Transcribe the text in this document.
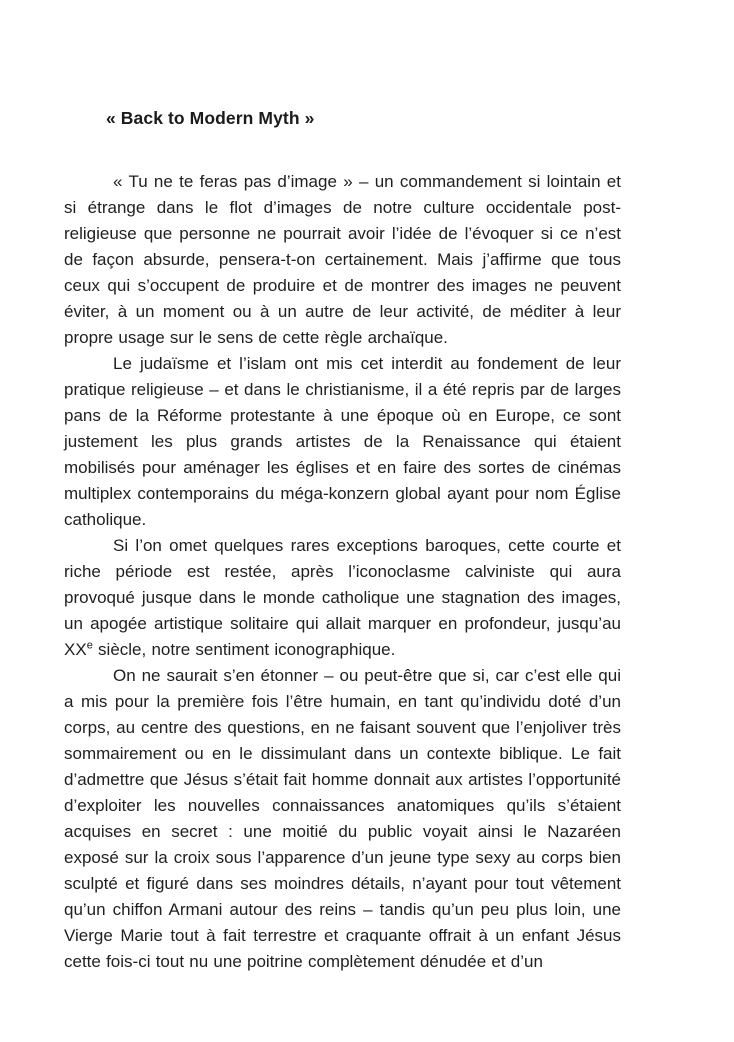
« Back to Modern Myth »

« Tu ne te feras pas d’image » – un commandement si lointain et si étrange dans le flot d’images de notre culture occidentale post-religieuse que personne ne pourrait avoir l’idée de l’évoquer si ce n’est de façon absurde, pensera-t-on certainement. Mais j’affirme que tous ceux qui s’occupent de produire et de montrer des images ne peuvent éviter, à un moment ou à un autre de leur activité, de méditer à leur propre usage sur le sens de cette règle archaïque.

Le judaïsme et l’islam ont mis cet interdit au fondement de leur pratique religieuse – et dans le christianisme, il a été repris par de larges pans de la Réforme protestante à une époque où en Europe, ce sont justement les plus grands artistes de la Renaissance qui étaient mobilisés pour aménager les églises et en faire des sortes de cinémas multiplex contemporains du méga-konzern global ayant pour nom Église catholique.

Si l’on omet quelques rares exceptions baroques, cette courte et riche période est restée, après l’iconoclasme calviniste qui aura provoqué jusque dans le monde catholique une stagnation des images, un apogée artistique solitaire qui allait marquer en profondeur, jusqu’au XXe siècle, notre sentiment iconographique.

On ne saurait s’en étonner – ou peut-être que si, car c’est elle qui a mis pour la première fois l’être humain, en tant qu’individu doté d’un corps, au centre des questions, en ne faisant souvent que l’enjoliver très sommairement ou en le dissimulant dans un contexte biblique. Le fait d’admettre que Jésus s’était fait homme donnait aux artistes l’opportunité d’exploiter les nouvelles connaissances anatomiques qu’ils s’étaient acquises en secret : une moitié du public voyait ainsi le Nazaréen exposé sur la croix sous l’apparence d’un jeune type sexy au corps bien sculpté et figuré dans ses moindres détails, n’ayant pour tout vêtement qu’un chiffon Armani autour des reins – tandis qu’un peu plus loin, une Vierge Marie tout à fait terrestre et craquante offrait à un enfant Jésus cette fois-ci tout nu une poitrine complètement dénudée et d’un
